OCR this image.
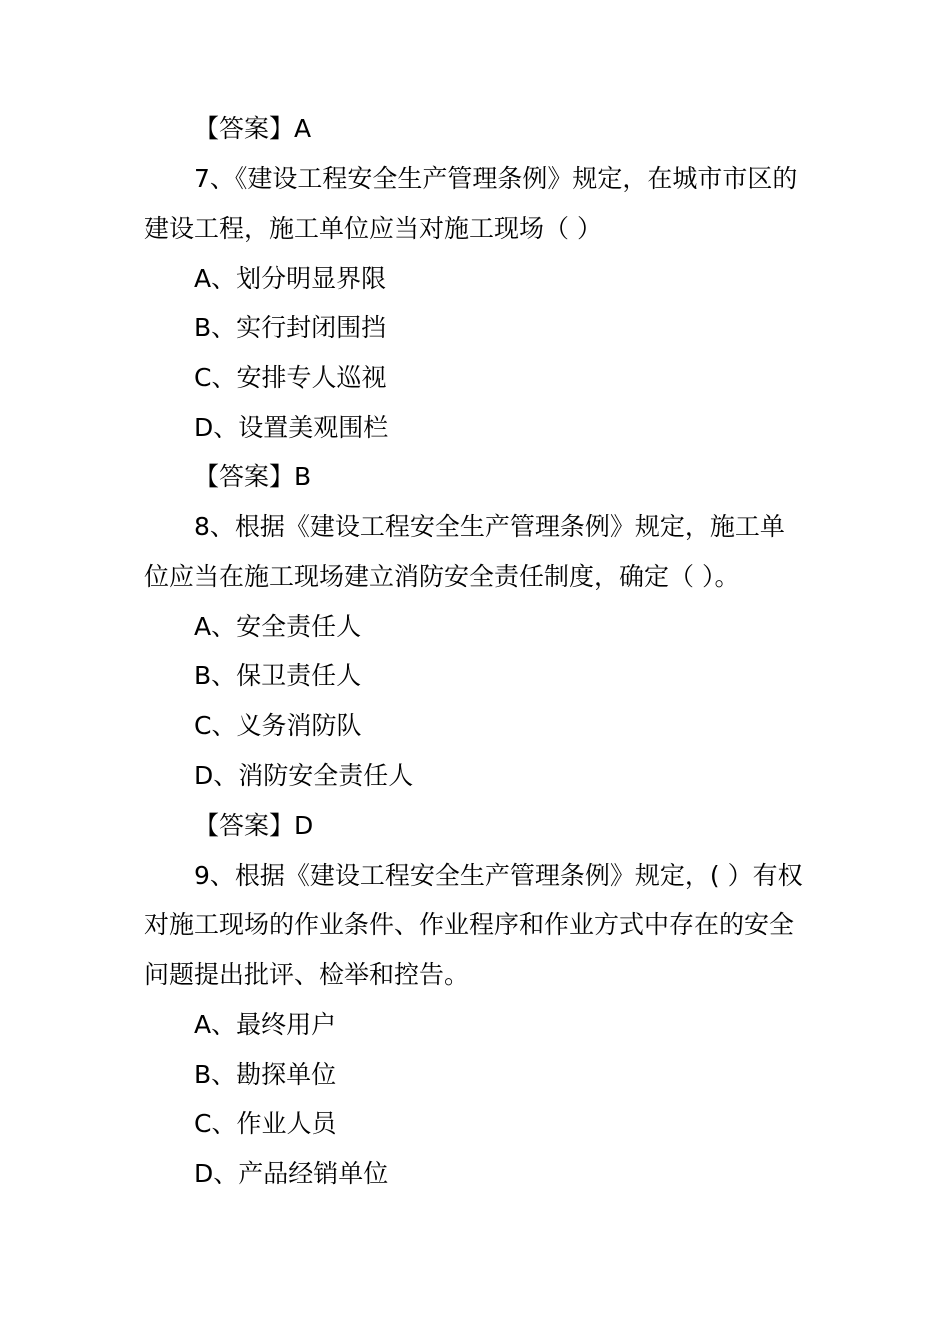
【答案】A
7、《建设工程安全生产管理条例》规定，在城市市区的
建设工程，施工单位应当对施工现场（ ）
A、划分明显界限
B、实行封闭围挡
C、安排专人巡视
D、设置美观围栏
【答案】B
8、根据《建设工程安全生产管理条例》规定，施工单
位应当在施工现场建立消防安全责任制度，确定（ ）。
A、安全责任人
B、保卫责任人
C、义务消防队
D、消防安全责任人
【答案】D
9、根据《建设工程安全生产管理条例》规定，( ）有权
对施工现场的作业条件、作业程序和作业方式中存在的安全
问题提出批评、检举和控告。
A、最终用户
B、勘探单位
C、作业人员
D、产品经销单位
